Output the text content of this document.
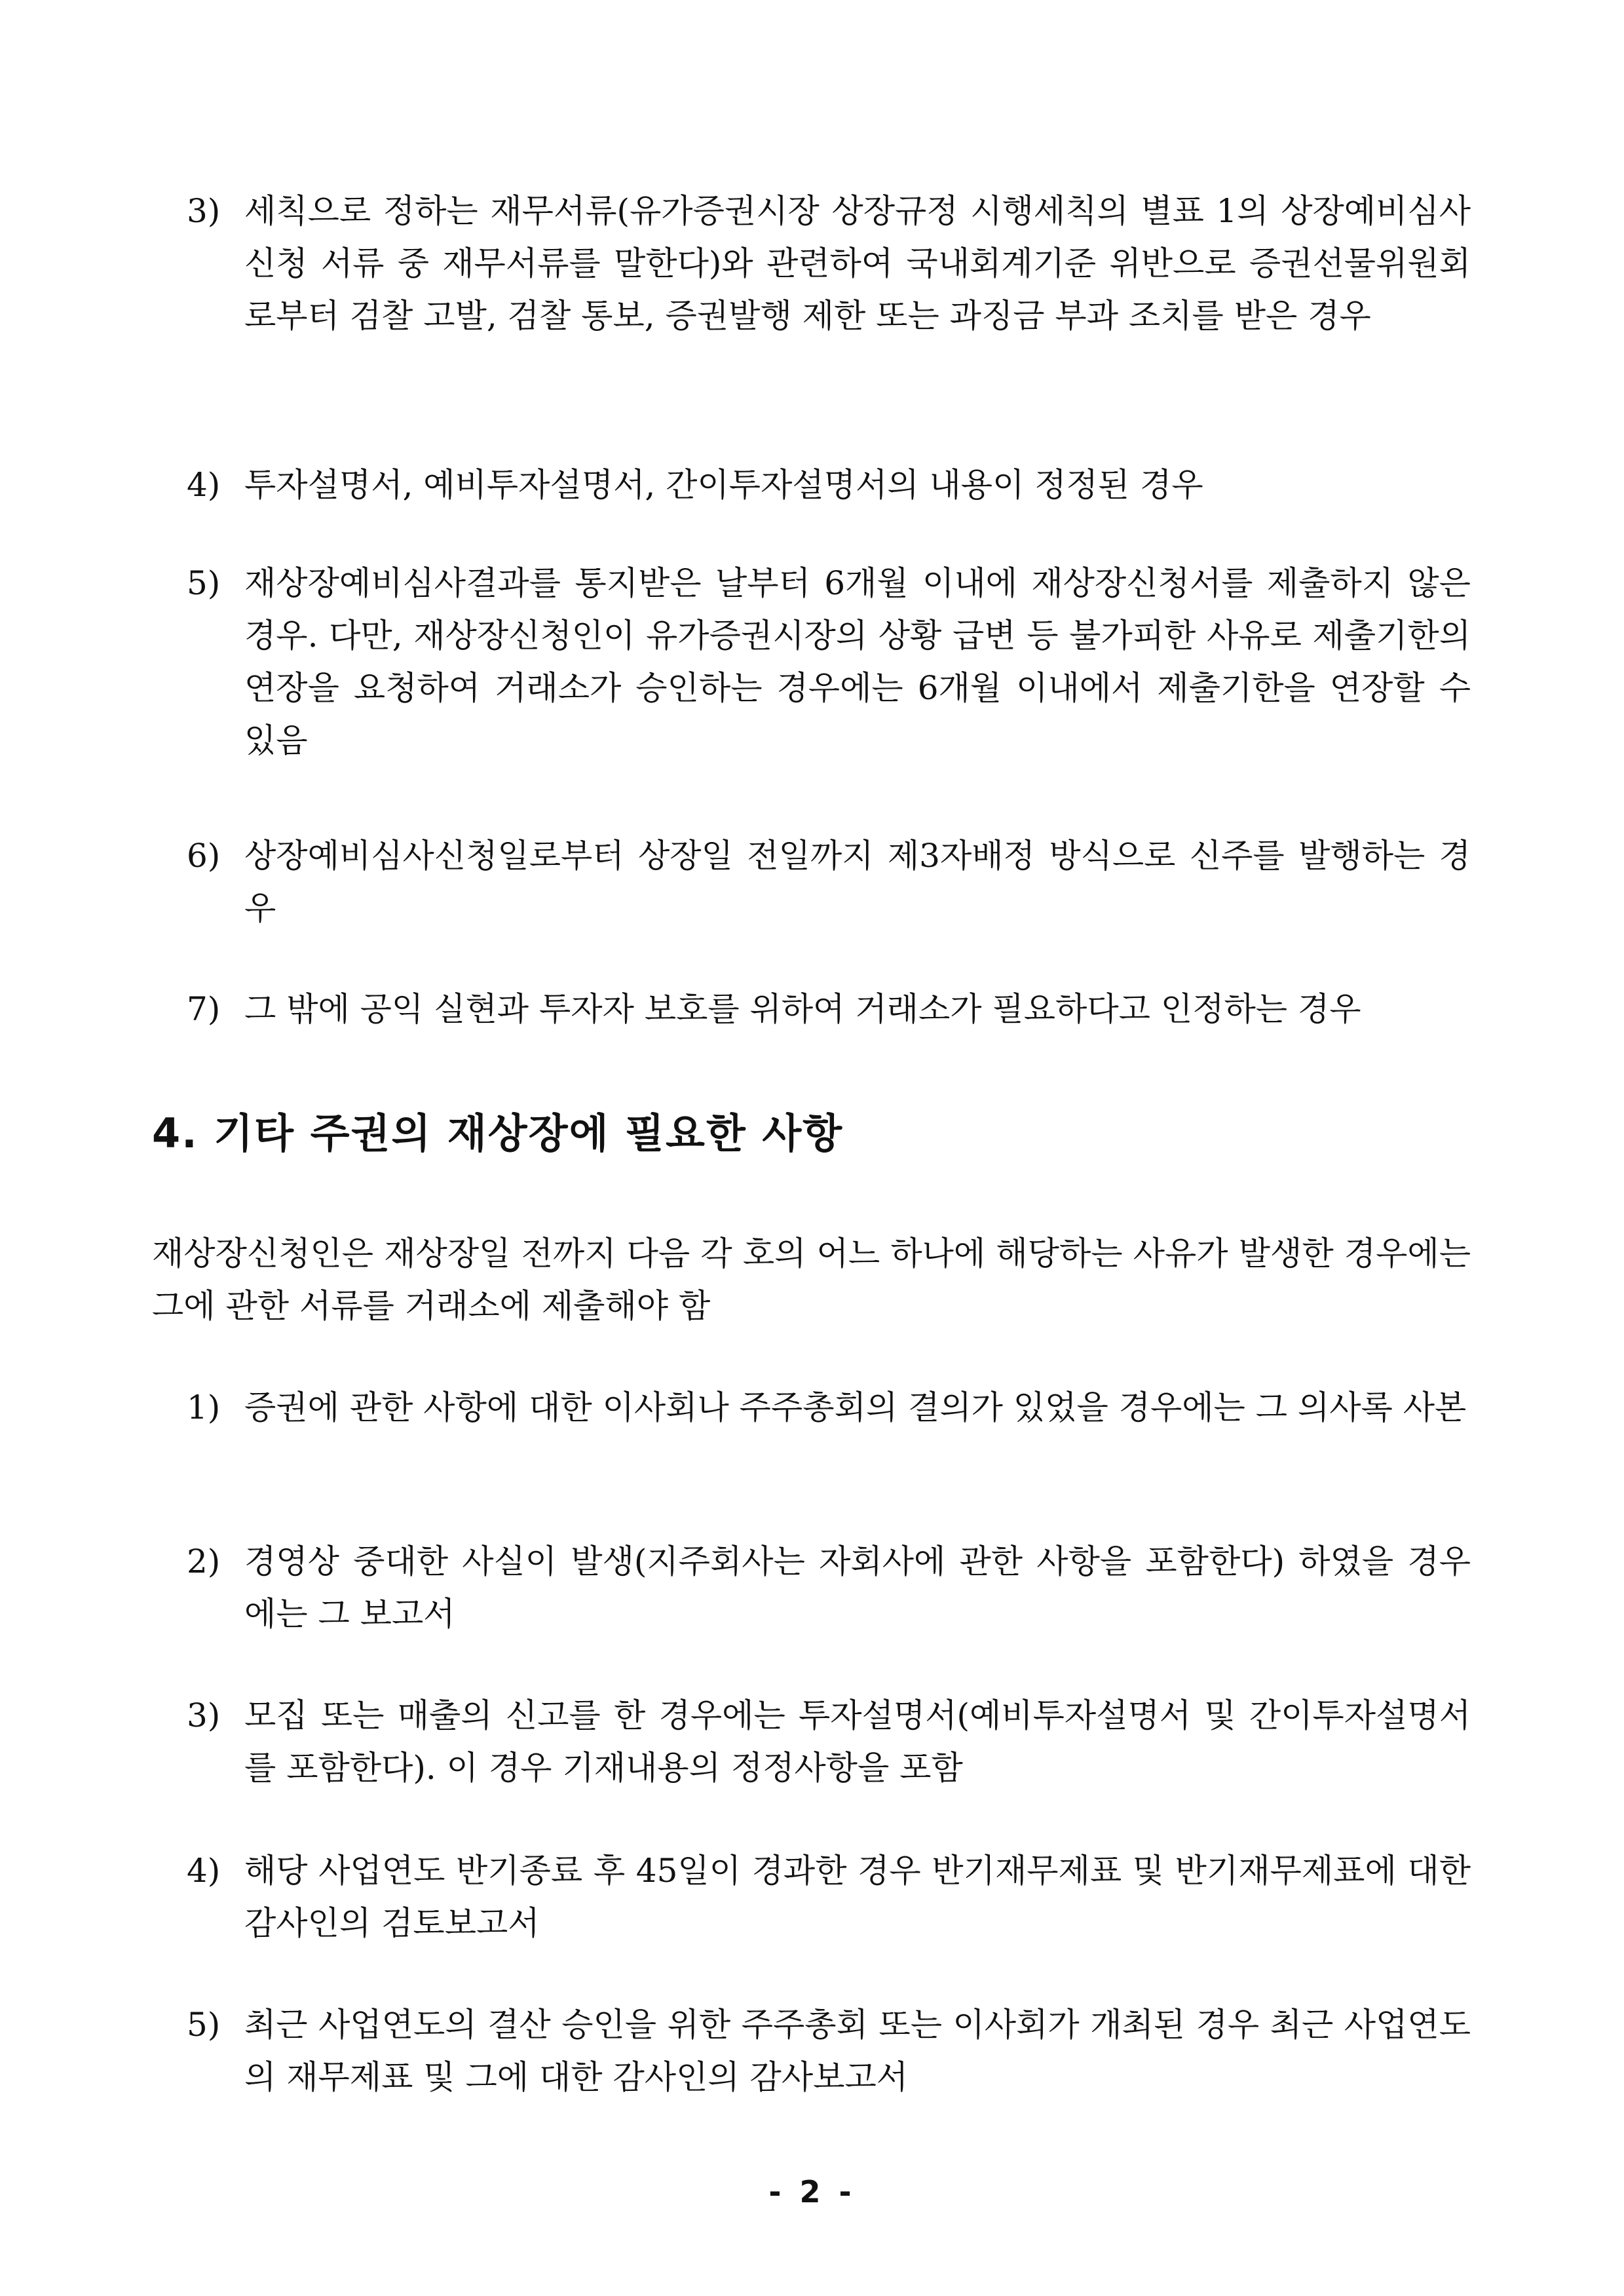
3) 세칙으로 정하는 재무서류(유가증권시장 상장규정 시행세칙의 별표 1의 상장예비심사 신청 서류 중 재무서류를 말한다)와 관련하여 국내회계기준 위반으로 증권선물위원회로부터 검찰 고발, 검찰 통보, 증권발행 제한 또는 과징금 부과 조치를 받은 경우
4) 투자설명서, 예비투자설명서, 간이투자설명서의 내용이 정정된 경우
5) 재상장예비심사결과를 통지받은 날부터 6개월 이내에 재상장신청서를 제출하지 않은 경우. 다만, 재상장신청인이 유가증권시장의 상황 급변 등 불가피한 사유로 제출기한의 연장을 요청하여 거래소가 승인하는 경우에는 6개월 이내에서 제출기한을 연장할 수 있음
6) 상장예비심사신청일로부터 상장일 전일까지 제3자배정 방식으로 신주를 발행하는 경우
7) 그 밖에 공익 실현과 투자자 보호를 위하여 거래소가 필요하다고 인정하는 경우
4. 기타 주권의 재상장에 필요한 사항
재상장신청인은 재상장일 전까지 다음 각 호의 어느 하나에 해당하는 사유가 발생한 경우에는 그에 관한 서류를 거래소에 제출해야 함
1) 증권에 관한 사항에 대한 이사회나 주주총회의 결의가 있었을 경우에는 그 의사록 사본
2) 경영상 중대한 사실이 발생(지주회사는 자회사에 관한 사항을 포함한다) 하였을 경우에는 그 보고서
3) 모집 또는 매출의 신고를 한 경우에는 투자설명서(예비투자설명서 및 간이투자설명서를 포함한다). 이 경우 기재내용의 정정사항을 포함
4) 해당 사업연도 반기종료 후 45일이 경과한 경우 반기재무제표 및 반기재무제표에 대한 감사인의 검토보고서
5) 최근 사업연도의 결산 승인을 위한 주주총회 또는 이사회가 개최된 경우 최근 사업연도의 재무제표 및 그에 대한 감사인의 감사보고서
- 2 -
